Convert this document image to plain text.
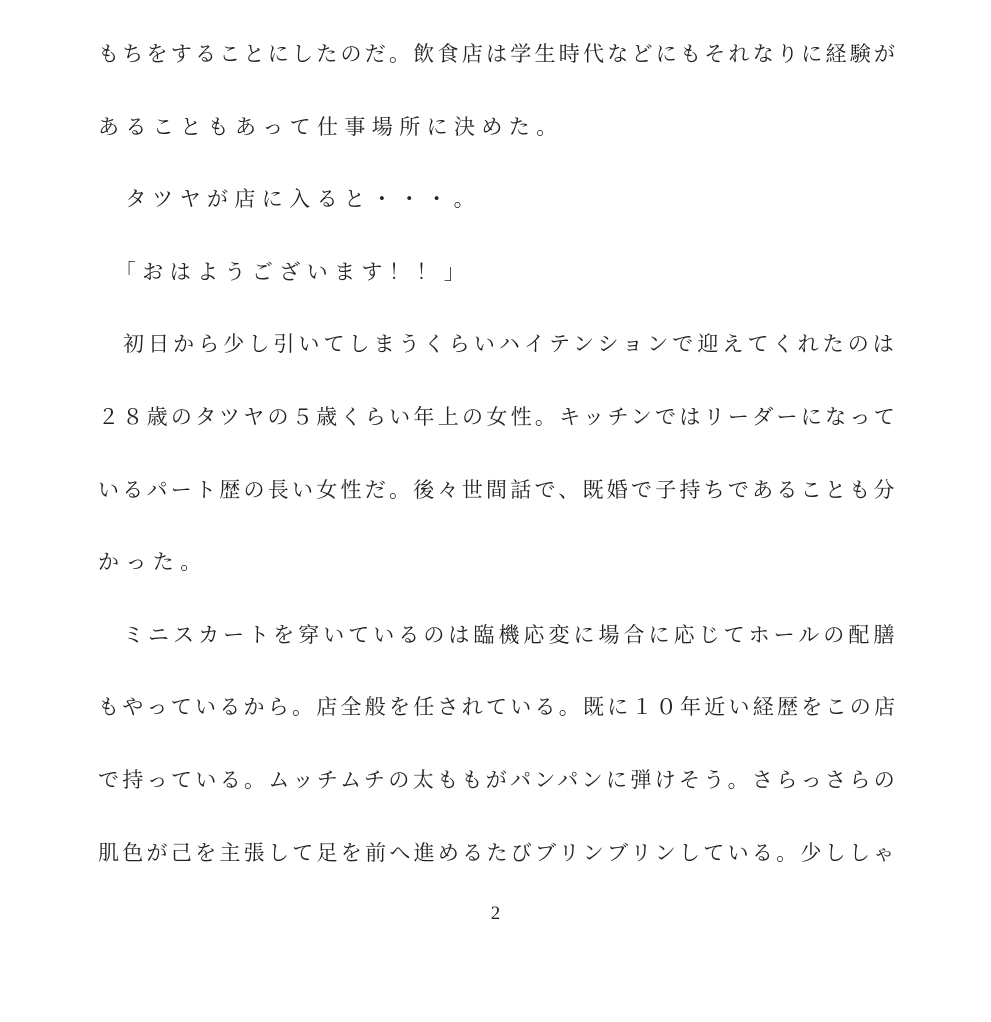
もちをすることにしたのだ。飲食店は学生時代などにもそれなりに経験が
あることもあって仕事場所に決めた。
　タツヤが店に入ると・・・。
　「おはようございます！！」
　初日から少し引いてしまうくらいハイテンションで迎えてくれたのは
２８歳のタツヤの５歳くらい年上の女性。キッチンではリーダーになって
いるパート歴の長い女性だ。後々世間話で、既婚で子持ちであることも分
かった。
　ミニスカートを穿いているのは臨機応変に場合に応じてホールの配膳
もやっているから。店全般を任されている。既に１０年近い経歴をこの店
で持っている。ムッチムチの太ももがパンパンに弾けそう。さらっさらの
肌色が己を主張して足を前へ進めるたびブリンブリンしている。少ししゃ
2
